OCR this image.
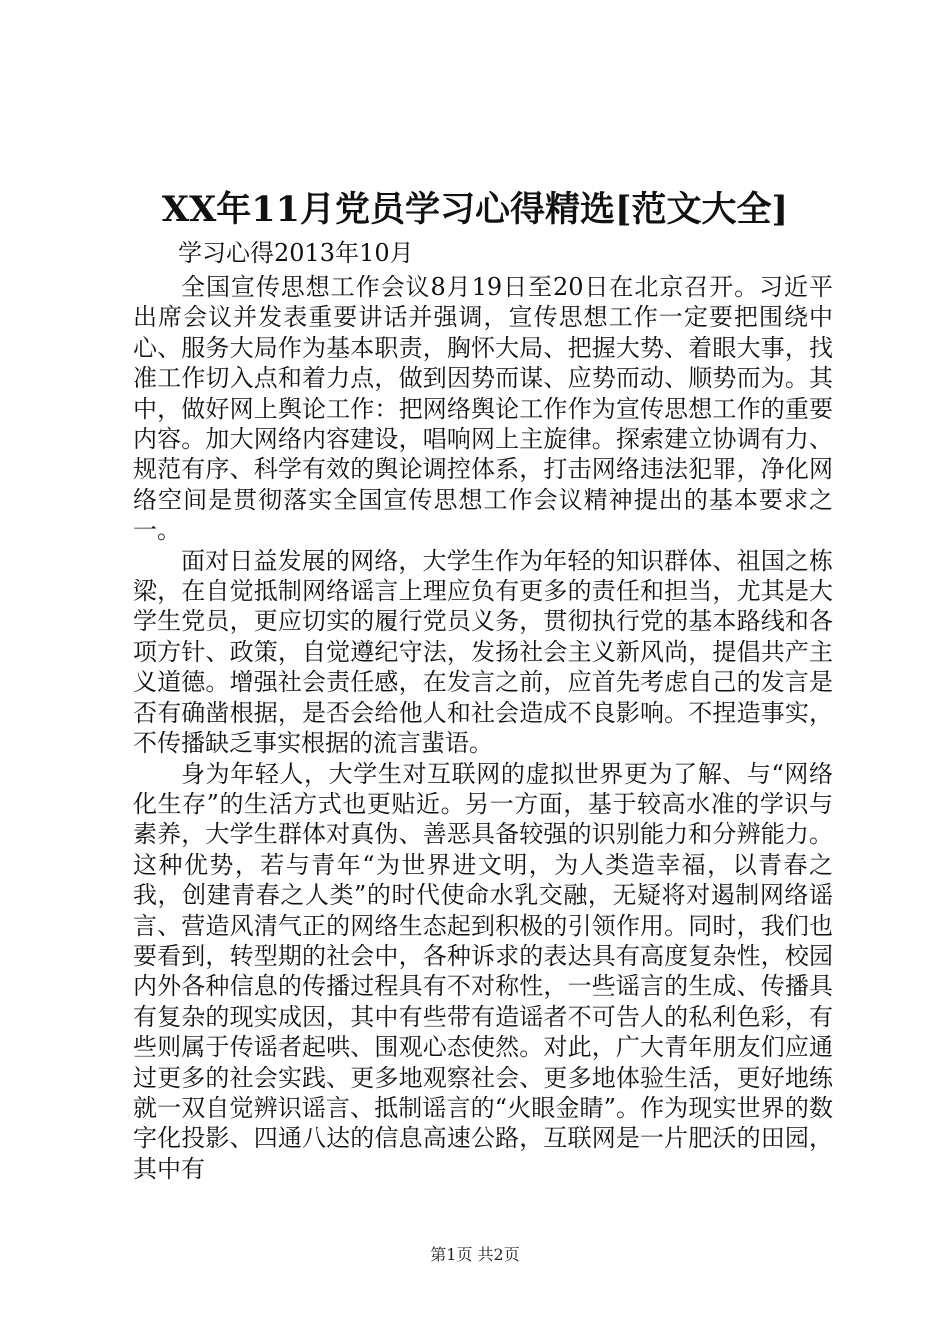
XX年11月党员学习心得精选[范文大全]
学习心得2013年10月

全国宣传思想工作会议8月19日至20日在北京召开。习近平出席会议并发表重要讲话并强调，宣传思想工作一定要把围绕中心、服务大局作为基本职责，胸怀大局、把握大势、着眼大事，找准工作切入点和着力点，做到因势而谋、应势而动、顺势而为。其中，做好网上舆论工作：把网络舆论工作作为宣传思想工作的重要内容。加大网络内容建设，唱响网上主旋律。探索建立协调有力、规范有序、科学有效的舆论调控体系，打击网络违法犯罪，净化网络空间是贯彻落实全国宣传思想工作会议精神提出的基本要求之一。

面对日益发展的网络，大学生作为年轻的知识群体、祖国之栋梁，在自觉抵制网络谣言上理应负有更多的责任和担当，尤其是大学生党员，更应切实的履行党员义务，贯彻执行党的基本路线和各项方针、政策，自觉遵纪守法，发扬社会主义新风尚，提倡共产主义道德。增强社会责任感，在发言之前，应首先考虑自己的发言是否有确凿根据，是否会给他人和社会造成不良影响。不捏造事实，不传播缺乏事实根据的流言蜚语。

身为年轻人，大学生对互联网的虚拟世界更为了解、与“网络化生存”的生活方式也更贴近。另一方面，基于较高水准的学识与素养，大学生群体对真伪、善恶具备较强的识别能力和分辨能力。这种优势，若与青年“为世界进文明，为人类造幸福，以青春之我，创建青春之人类”的时代使命水乳交融，无疑将对遏制网络谣言、营造风清气正的网络生态起到积极的引领作用。同时，我们也要看到，转型期的社会中，各种诉求的表达具有高度复杂性，校园内外各种信息的传播过程具有不对称性，一些谣言的生成、传播具有复杂的现实成因，其中有些带有造谣者不可告人的私利色彩，有些则属于传谣者起哄、围观心态使然。对此，广大青年朋友们应通过更多的社会实践、更多地观察社会、更多地体验生活，更好地练就一双自觉辨识谣言、抵制谣言的“火眼金睛”。作为现实世界的数字化投影、四通八达的信息高速公路，互联网是一片肥沃的田园，其中有

第1页 共2页
